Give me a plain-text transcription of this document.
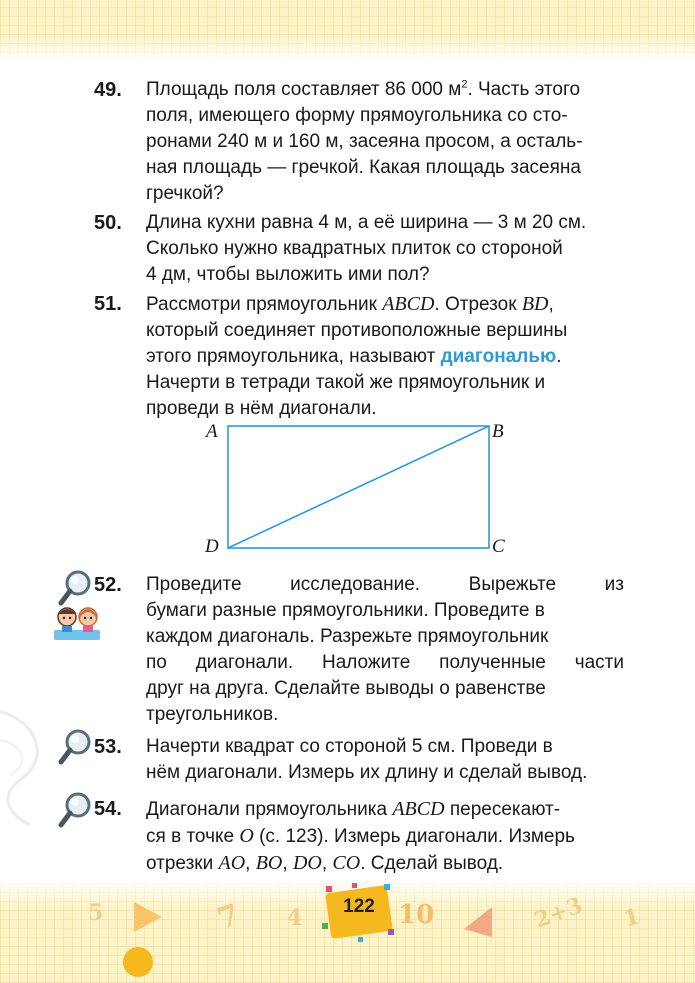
49. Площадь поля составляет 86 000 $м^2$. Часть этого
поля, имеющего форму прямоугольника со сто-
ронами 240 м и 160 м, засеяна просом, а осталь-
ная площадь — гречкой. Какая площадь засеяна
гречкой?
50. Длина кухни равна 4 м, а её ширина — 3 м 20 см.
Сколько нужно квадратных плиток со стороной
4 дм, чтобы выложить ими пол?
51. Рассмотри прямоугольник ABCD. Отрезок BD,
который соединяет противоположные вершины
этого прямоугольника, называют диагональю.
Начерти в тетради такой же прямоугольник и
проведи в нём диагонали.
A	B
C
D
52. Проведите исследование. Вырежьте из
бумаги разные прямоугольники. Проведите в
каждом диагональ. Разрежьте прямоугольник
по диагонали. Наложите полученные части
друг на друга. Сделайте выводы о равенстве
треугольников.
53. Начерти квадрат со стороной 5 см. Проведи в
нём диагонали. Измерь их длину и сделай вывод.
54. Диагонали прямоугольника ABCD пересекают-
ся в точке O (с. 123). Измерь диагонали. Измерь
отрезки AO, BO, DO, CO. Сделай вывод.
5	7 4	10	2+3 1
122
